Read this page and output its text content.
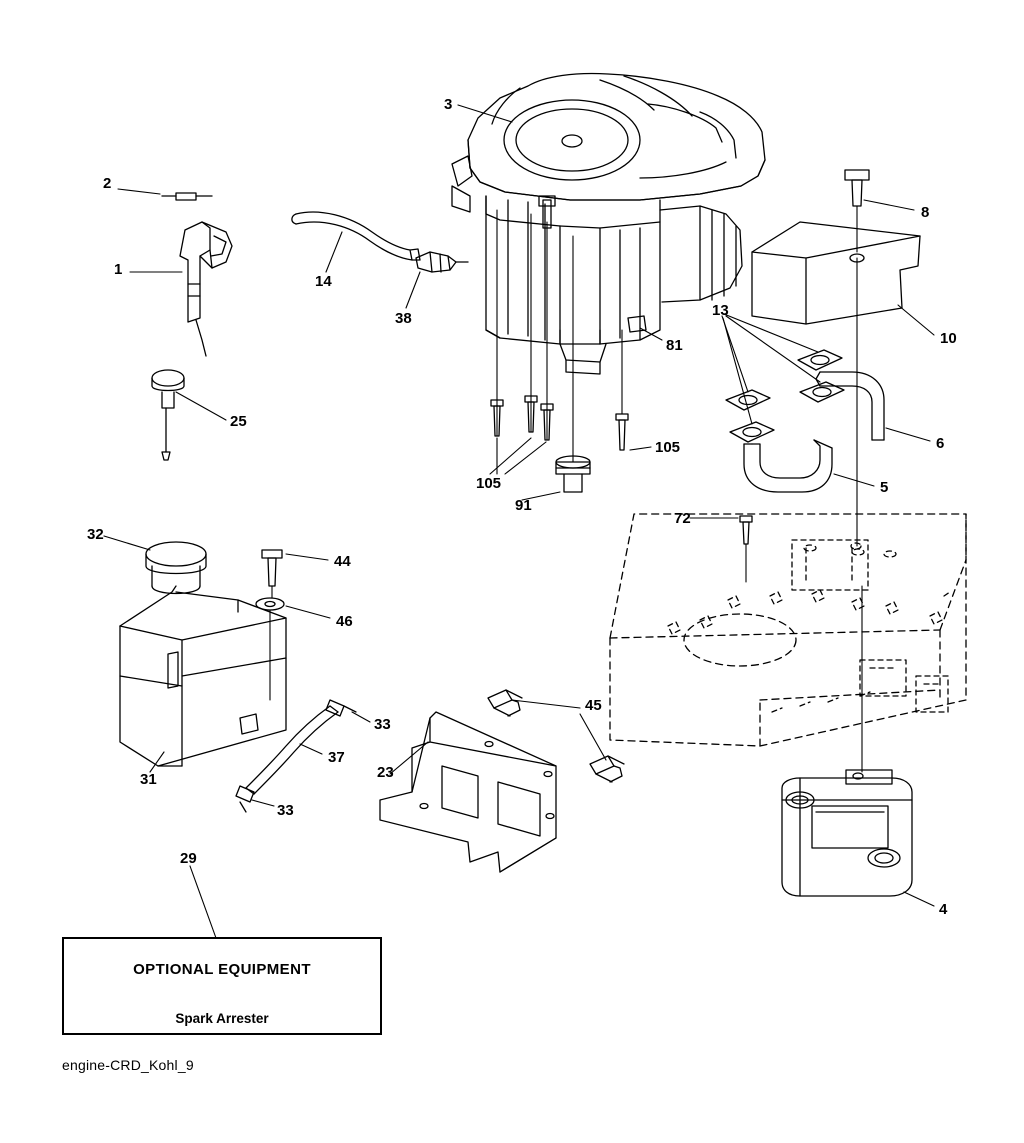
2
1
25
14
38
3
81
105
91
105
8
10
13
6
5
72
32
44
46
33
37
33
31	23
45
4
29
OPTIONAL EQUIPMENT
Spark Arrester
engine-CRD_Kohl_9
